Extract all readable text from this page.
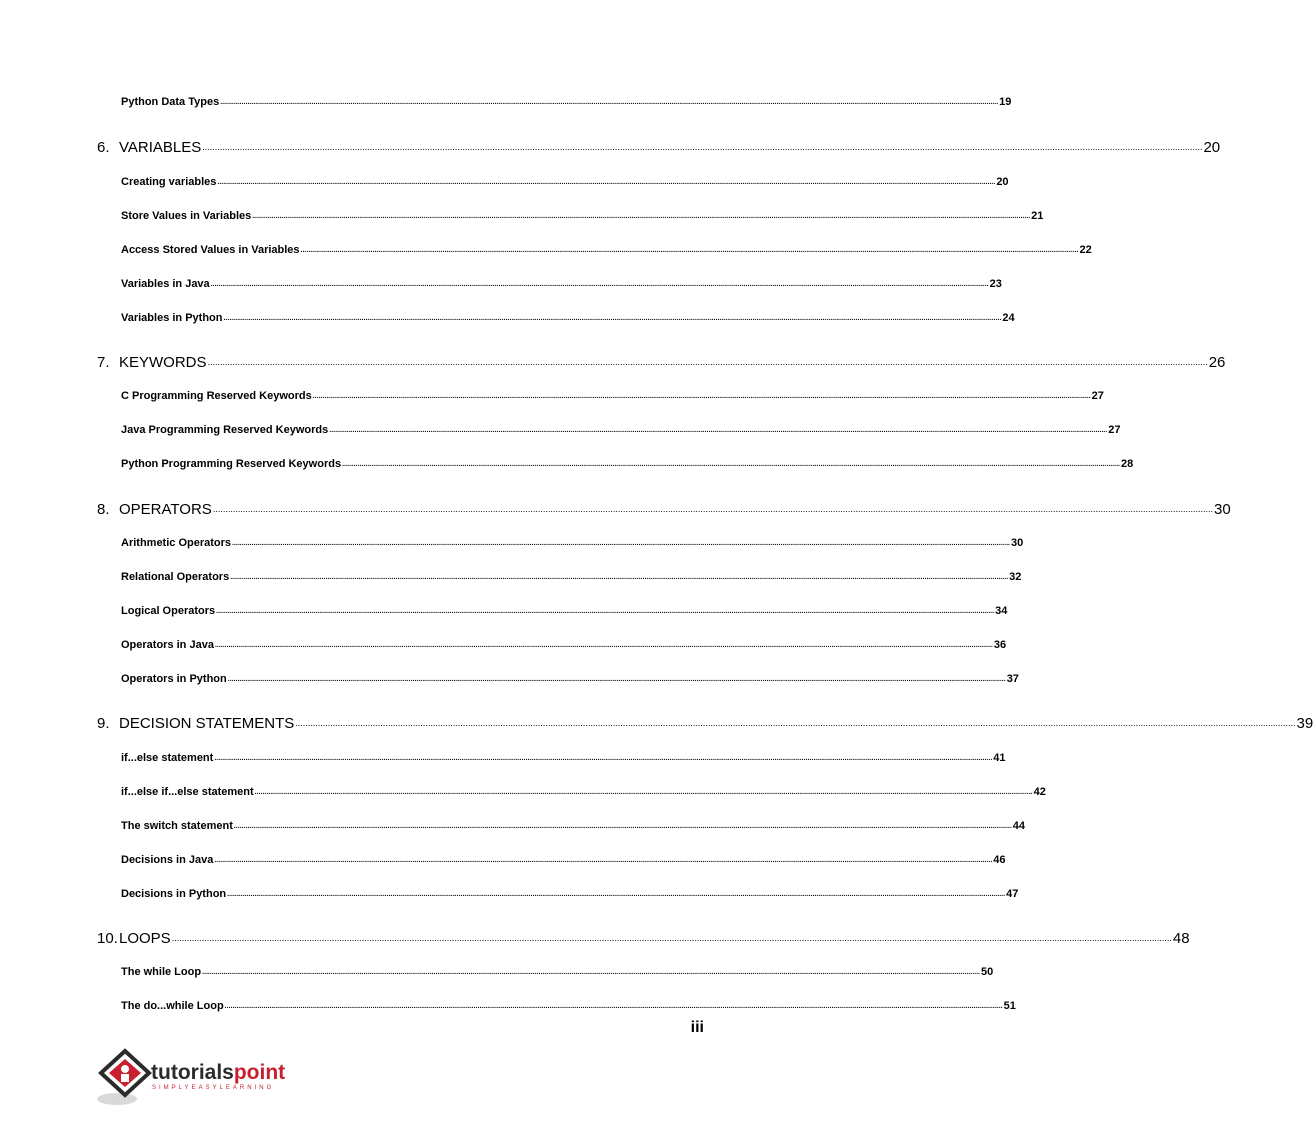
Python Data Types ................................................................................................................................................................................................................................................................................................................................................................................................................ 19
6. VARIABLES ................................................................................................................................................................................................................................................................................................................................................................................................................ 20
Creating variables ................................................................................................................................................................................................................................................................................................................................................................................................................ 20
Store Values in Variables ................................................................................................................................................................................................................................................................................................................................................................................................................ 21
Access Stored Values in Variables ................................................................................................................................................................................................................................................................................................................................................................................................................ 22
Variables in Java ................................................................................................................................................................................................................................................................................................................................................................................................................ 23
Variables in Python ................................................................................................................................................................................................................................................................................................................................................................................................................ 24
7. KEYWORDS ................................................................................................................................................................................................................................................................................................................................................................................................................ 26
C Programming Reserved Keywords ................................................................................................................................................................................................................................................................................................................................................................................................................ 27
Java Programming Reserved Keywords ................................................................................................................................................................................................................................................................................................................................................................................................................ 27
Python Programming Reserved Keywords ................................................................................................................................................................................................................................................................................................................................................................................................................ 28
8. OPERATORS ................................................................................................................................................................................................................................................................................................................................................................................................................ 30
Arithmetic Operators ................................................................................................................................................................................................................................................................................................................................................................................................................ 30
Relational Operators ................................................................................................................................................................................................................................................................................................................................................................................................................ 32
Logical Operators ................................................................................................................................................................................................................................................................................................................................................................................................................ 34
Operators in Java ................................................................................................................................................................................................................................................................................................................................................................................................................ 36
Operators in Python ................................................................................................................................................................................................................................................................................................................................................................................................................ 37
9. DECISION STATEMENTS ................................................................................................................................................................................................................................................................................................................................................................................................................ 39
if...else statement ................................................................................................................................................................................................................................................................................................................................................................................................................ 41
if...else if...else statement ................................................................................................................................................................................................................................................................................................................................................................................................................ 42
The switch statement ................................................................................................................................................................................................................................................................................................................................................................................................................ 44
Decisions in Java ................................................................................................................................................................................................................................................................................................................................................................................................................ 46
Decisions in Python ................................................................................................................................................................................................................................................................................................................................................................................................................ 47
10. LOOPS ................................................................................................................................................................................................................................................................................................................................................................................................................ 48
The while Loop ................................................................................................................................................................................................................................................................................................................................................................................................................ 50
The do...while Loop ................................................................................................................................................................................................................................................................................................................................................................................................................ 51
iii
tutorialspoint
SIMPLYEASYLEARNING
